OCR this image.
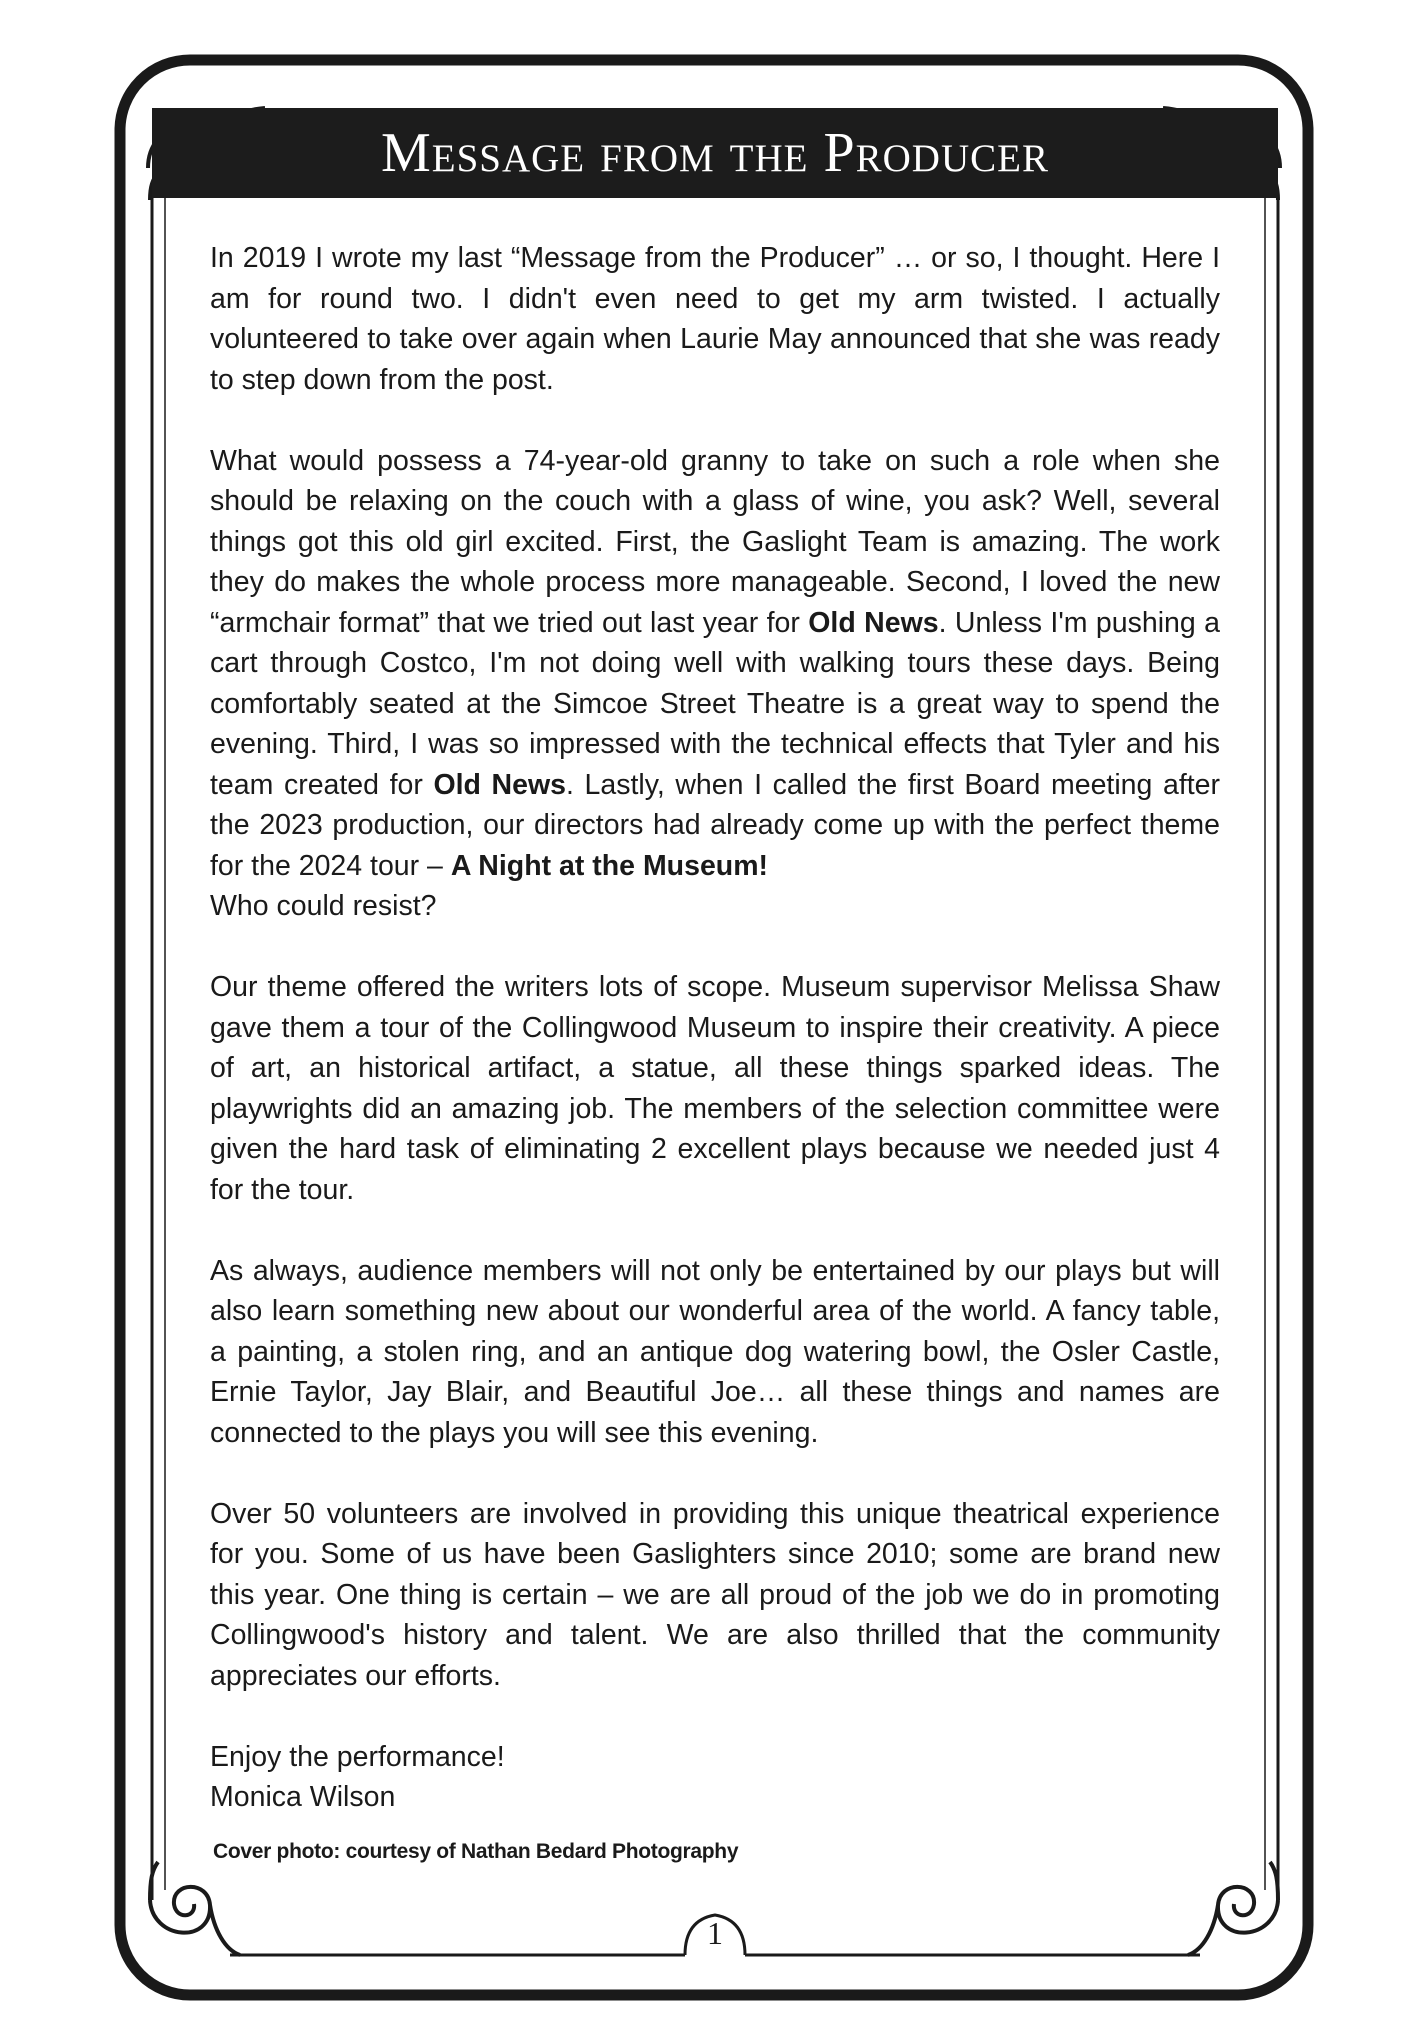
Message from the Producer

In 2019 I wrote my last “Message from the Producer” … or so, I thought. Here I am for round two. I didn't even need to get my arm twisted. I actually volunteered to take over again when Laurie May announced that she was ready to step down from the post.

What would possess a 74-year-old granny to take on such a role when she should be relaxing on the couch with a glass of wine, you ask? Well, several things got this old girl excited. First, the Gaslight Team is amazing. The work they do makes the whole process more manageable. Second, I loved the new “armchair format” that we tried out last year for Old News. Unless I'm pushing a cart through Costco, I'm not doing well with walking tours these days. Being comfortably seated at the Simcoe Street Theatre is a great way to spend the evening. Third, I was so impressed with the technical effects that Tyler and his team created for Old News. Lastly, when I called the first Board meeting after the 2023 production, our directors had already come up with the perfect theme for the 2024 tour – A Night at the Museum!
Who could resist?

Our theme offered the writers lots of scope. Museum supervisor Melissa Shaw gave them a tour of the Collingwood Museum to inspire their creativity. A piece of art, an historical artifact, a statue, all these things sparked ideas. The playwrights did an amazing job. The members of the selection committee were given the hard task of eliminating 2 excellent plays because we needed just 4 for the tour.

As always, audience members will not only be entertained by our plays but will also learn something new about our wonderful area of the world. A fancy table, a painting, a stolen ring, and an antique dog watering bowl, the Osler Castle, Ernie Taylor, Jay Blair, and Beautiful Joe… all these things and names are connected to the plays you will see this evening.

Over 50 volunteers are involved in providing this unique theatrical experience for you. Some of us have been Gaslighters since 2010; some are brand new this year. One thing is certain – we are all proud of the job we do in promoting Collingwood's history and talent. We are also thrilled that the community appreciates our efforts.

Enjoy the performance!
Monica Wilson

Cover photo: courtesy of Nathan Bedard Photography
1
